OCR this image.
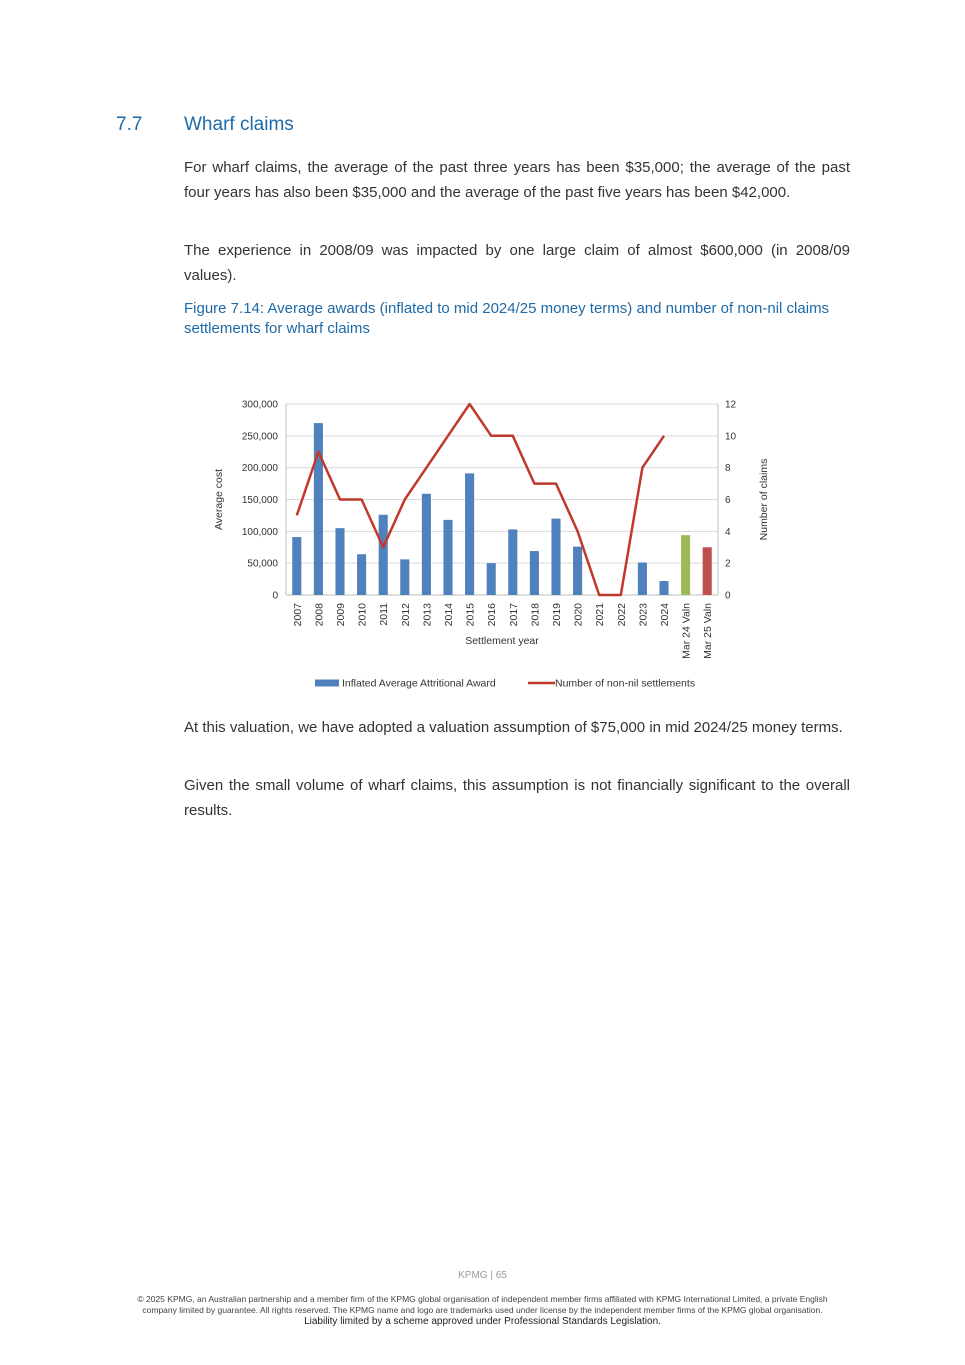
7.7	Wharf claims

For wharf claims, the average of the past three years has been $35,000; the average of the past four years has also been $35,000 and the average of the past five years has been $42,000.

The experience in 2008/09 was impacted by one large claim of almost $600,000 (in 2008/09 values).

Figure 7.14: Average awards (inflated to mid 2024/25 money terms) and number of non-nil claims settlements for wharf claims

0
50,000
100,000
150,000
200,000
250,000
300,000
0
2
4
6
8
10
12
2007 2008 2009 2010 2011 2012 2013 2014 2015 2016 2017 2018 2019 2020 2021 2022 2023 2024 Mar 24 Valn Mar 25 Valn
Settlement year
Average cost	Number of claims
Inflated Average Attritional Award	Number of non-nil settlements

At this valuation, we have adopted a valuation assumption of $75,000 in mid 2024/25 money terms.

Given the small volume of wharf claims, this assumption is not financially significant to the overall results.

KPMG | 65
© 2025 KPMG, an Australian partnership and a member firm of the KPMG global organisation of independent member firms affiliated with KPMG International Limited, a private English
company limited by guarantee. All rights reserved. The KPMG name and logo are trademarks used under license by the independent member firms of the KPMG global organisation.
Liability limited by a scheme approved under Professional Standards Legislation.
